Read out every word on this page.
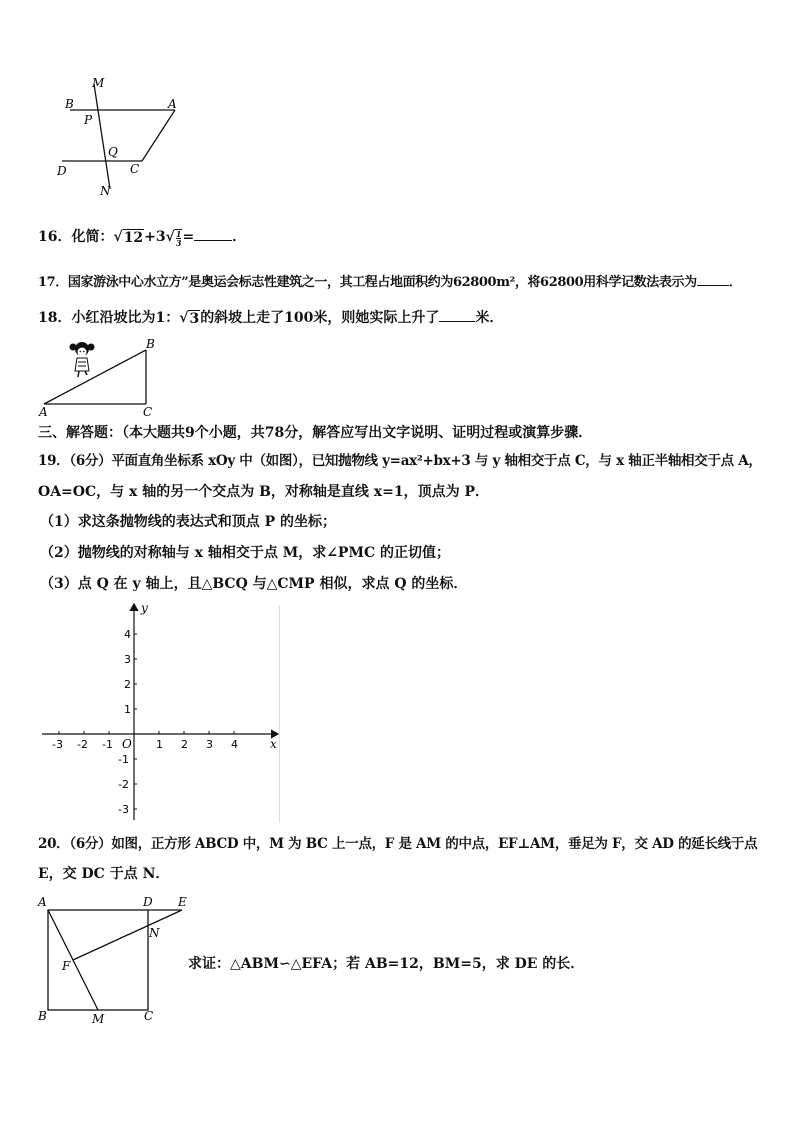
M
B	A
P
Q
D	C
N
16．化简： √ 12 +3 √ $\frac{1}{3}$ =	．
17．国家游泳中心水立方”是奥运会标志性建筑之一，其工程占地面积约为62800m²，将62800用科学记数法表示为 ．
18．小红沿坡比为1： √ 3 的斜坡上走了100米，则她实际上升了	米．
B
A	C
三、解答题：（本大题共9个小题，共78分，解答应写出文字说明、证明过程或演算步骤．
19．（6分）平面直角坐标系 xOy 中（如图），已知抛物线 y=ax²+bx+3 与 y 轴相交于点 C，与 x 轴正半轴相交于点 A，
OA=OC，与 x 轴的另一个交点为 B，对称轴是直线 x=1，顶点为 P．
（1）求这条抛物线的表达式和顶点 P 的坐标；
（2）抛物线的对称轴与 x 轴相交于点 M，求∠PMC 的正切值；
（3）点 Q 在 y 轴上，且△BCQ 与△CMP 相似，求点 Q 的坐标．
-3 -2 -1	1 2 3 4
4
3
2
1
-1
-2
-3
x
y
O
20．（6分）如图，正方形 ABCD 中，M 为 BC 上一点，F 是 AM 的中点，EF⊥AM，垂足为 F，交 AD 的延长线于点
E，交 DC 于点 N．
A	D E
N
F
B	M	C
求证：△ABM∽△EFA；若 AB=12，BM=5，求 DE 的长．
